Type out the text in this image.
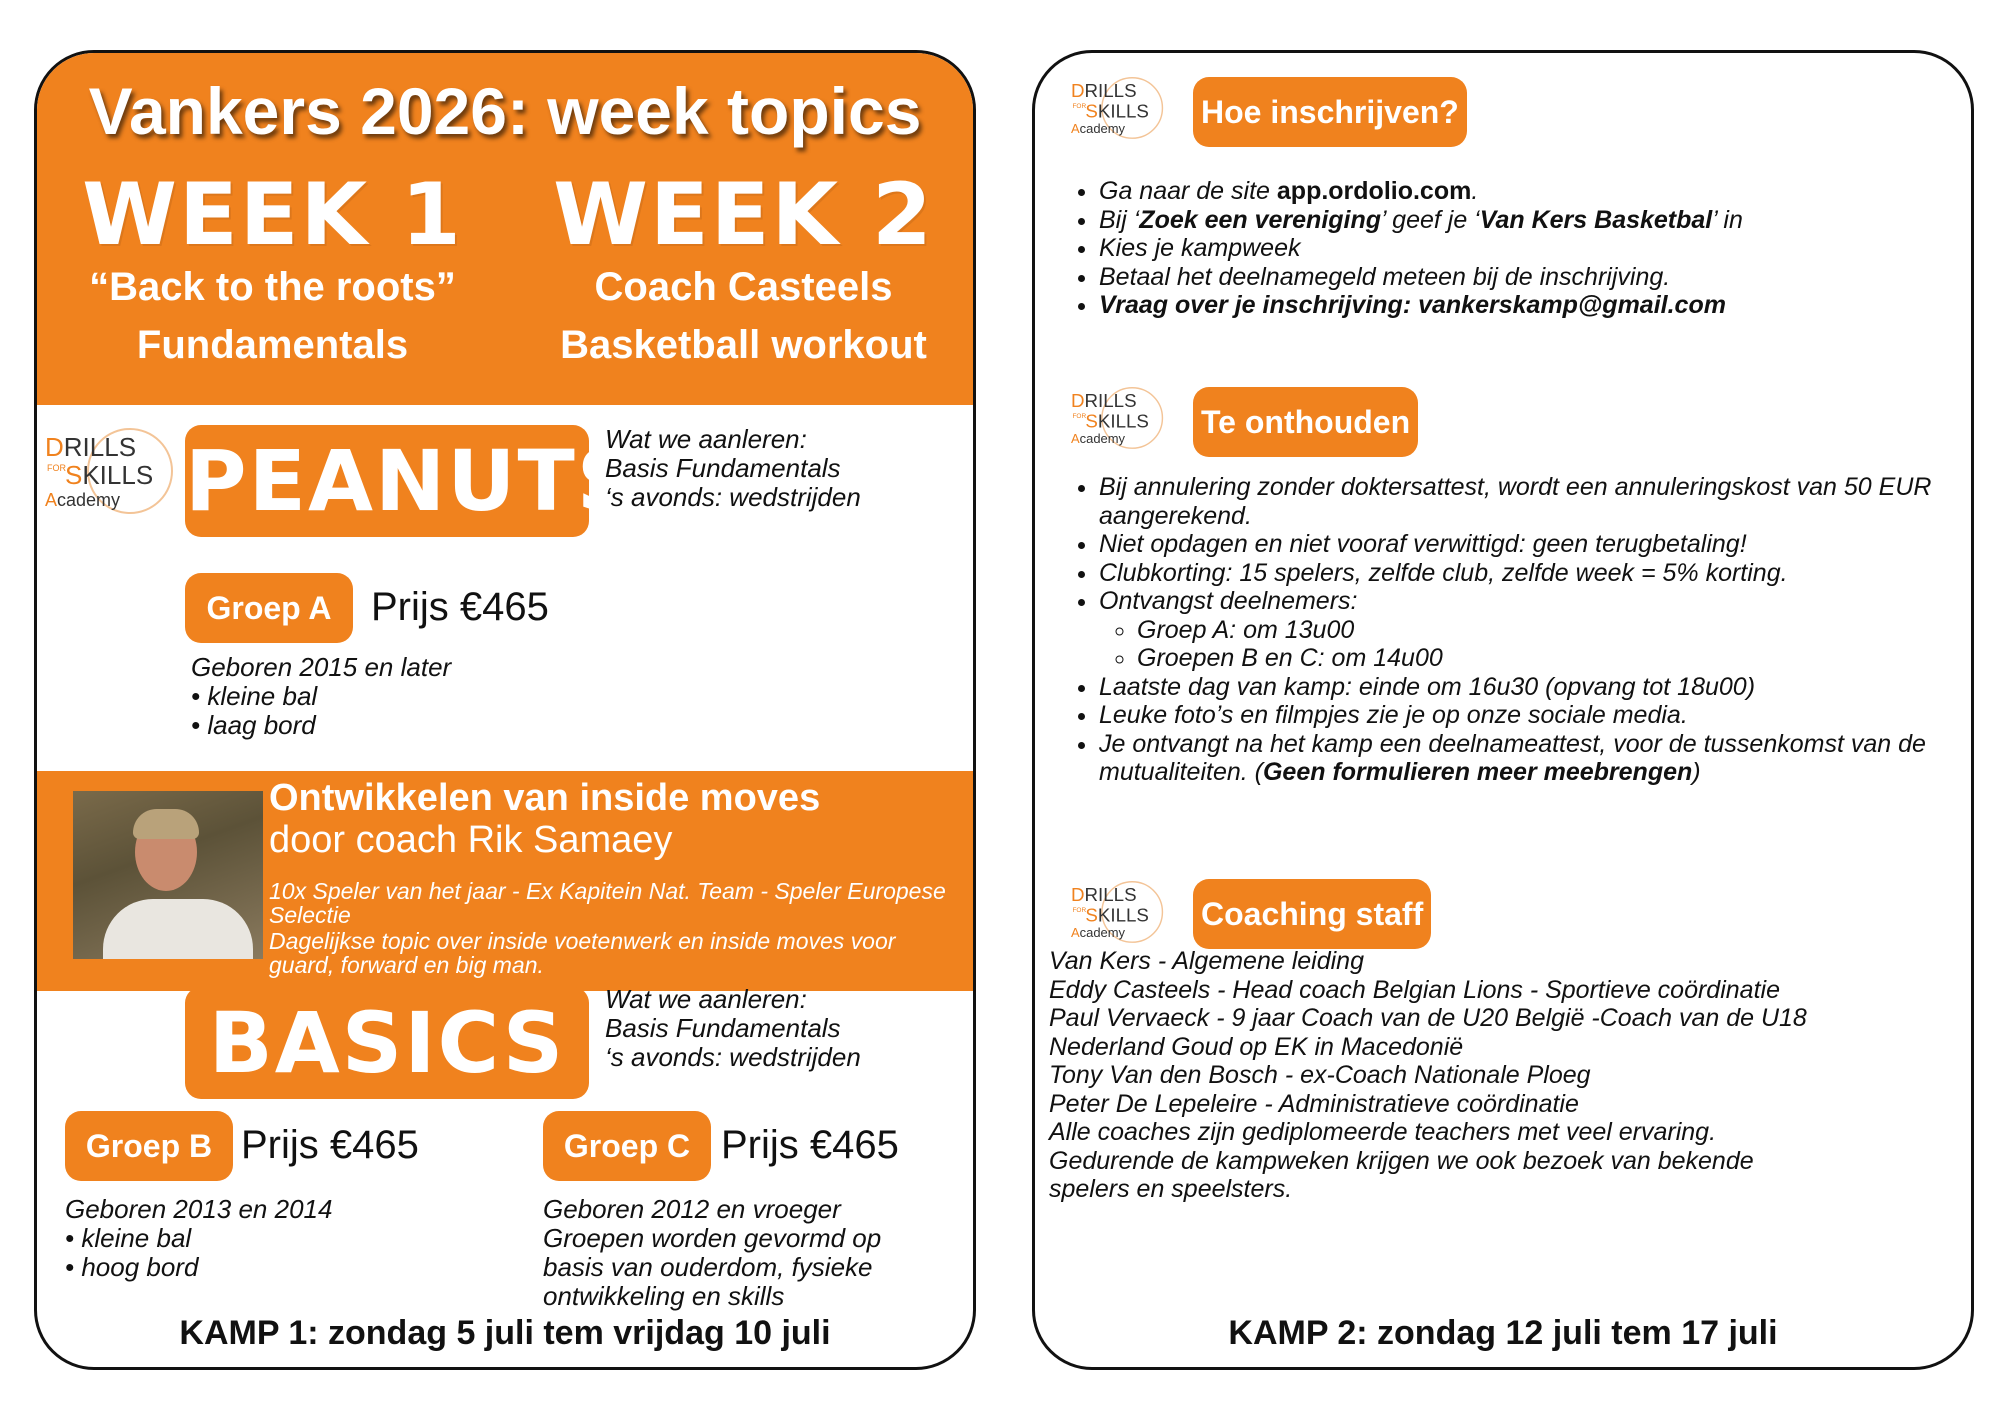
Vankers 2026: week topics
WEEK 1	WEEK 2
“Back to the roots”
Fundamentals
Coach Casteels
Basketball workout
DRILLS
FOR SKILLS
Academy PEANUTS
Wat we aanleren:
Basis Fundamentals
‘s avonds: wedstrijden
Groep A Prijs €465
Geboren 2015 en later
• kleine bal
• laag bord
Ontwikkelen van inside moves
door coach Rik Samaey
10x Speler van het jaar - Ex Kapitein Nat. Team - Speler Europese Selectie
Dagelijkse topic over inside voetenwerk en inside moves voor guard, forward en big man.
BASICS	Wat we aanleren:
Basis Fundamentals
‘s avonds: wedstrijden
Groep B Prijs €465
Geboren 2013 en 2014
• kleine bal
• hoog bord
Groep C Prijs €465
Geboren 2012 en vroeger
Groepen worden gevormd op
basis van ouderdom, fysieke
ontwikkeling en skills
KAMP 1: zondag 5 juli tem vrijdag 10 juli
DRILLS
FOR SKILLS
Academy Hoe inschrijven?
• Ga naar de site app.ordolio.com.
• Bij ‘Zoek een vereniging’ geef je ‘Van Kers Basketbal’ in
• Kies je kampweek
• Betaal het deelnamegeld meteen bij de inschrijving.
• Vraag over je inschrijving: vankerskamp@gmail.com
DRILLS
FOR SKILLS
Academy Te onthouden
• Bij annulering zonder doktersattest, wordt een annuleringskost van 50 EUR aangerekend.
• Niet opdagen en niet vooraf verwittigd: geen terugbetaling!
• Clubkorting: 15 spelers, zelfde club, zelfde week = 5% korting.
• Ontvangst deelnemers:
◦ Groep A: om 13u00
◦ Groepen B en C: om 14u00
• Laatste dag van kamp: einde om 16u30 (opvang tot 18u00)
• Leuke foto’s en filmpjes zie je op onze sociale media.
• Je ontvangt na het kamp een deelnameattest, voor de tussenkomst van de mutualiteiten. (Geen formulieren meer meebrengen)
DRILLS
FOR SKILLS
Academy
Coaching staff
Van Kers - Algemene leiding
Eddy Casteels - Head coach Belgian Lions - Sportieve coördinatie
Paul Vervaeck - 9 jaar Coach van de U20 België -Coach van de U18
Nederland Goud op EK in Macedonië
Tony Van den Bosch - ex-Coach Nationale Ploeg
Peter De Lepeleire - Administratieve coördinatie
Alle coaches zijn gediplomeerde teachers met veel ervaring.
Gedurende de kampweken krijgen we ook bezoek van bekende
spelers en speelsters.
KAMP 2: zondag 12 juli tem 17 juli
